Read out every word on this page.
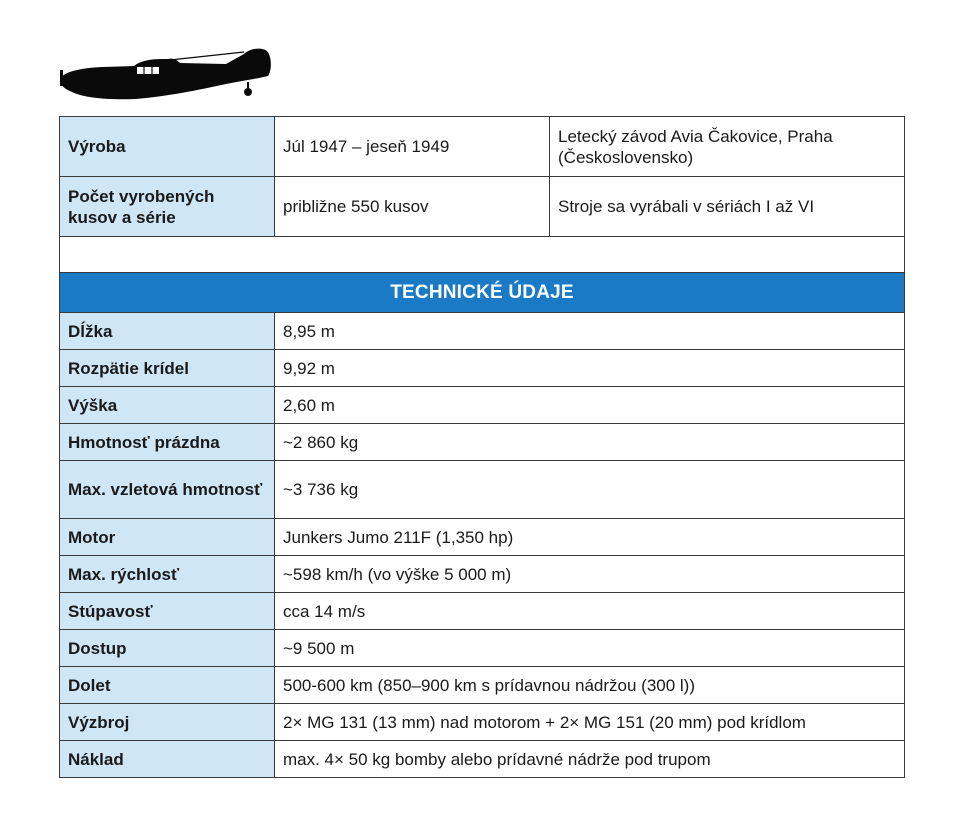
Výroba	Júl 1947 – jeseň 1949	Letecký závod Avia Čakovice, Praha (Československo)
Počet vyrobených kusov a série	približne 550 kusov	Stroje sa vyrábali v sériách I až VI

TECHNICKÉ ÚDAJE		
Dĺžka	8,95 m	
Rozpätie krídel	9,92 m	
Výška	2,60 m	
Hmotnosť prázdna	~2 860 kg	
Max. vzletová hmotnosť	~3 736 kg	
Motor	Junkers Jumo 211F (1,350 hp)	
Max. rýchlosť	~598 km/h (vo výške 5 000 m)	
Stúpavosť	cca 14 m/s	
Dostup	~9 500 m	
Dolet	500-600 km (850–900 km s prídavnou nádržou (300 l))	
Výzbroj	2× MG 131 (13 mm) nad motorom + 2× MG 151 (20 mm) pod krídlom	
Náklad	max. 4× 50 kg bomby alebo prídavné nádrže pod trupom	
